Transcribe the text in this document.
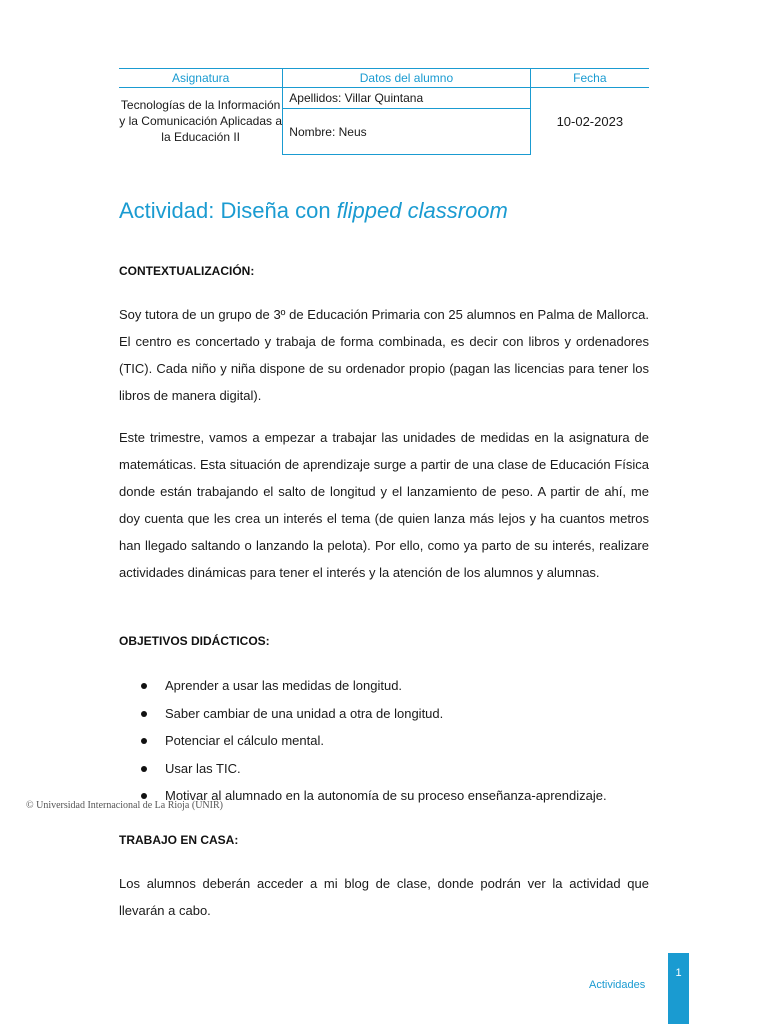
Asignatura	Datos del alumno	Fecha
Tecnologías de la Información y la Comunicación Aplicadas a la Educación II	Apellidos: Villar Quintana	10-02-2023
	Nombre: Neus	
Actividad: Diseña con flipped classroom

CONTEXTUALIZACIÓN:

Soy tutora de un grupo de 3º de Educación Primaria con 25 alumnos en Palma de Mallorca. El centro es concertado y trabaja de forma combinada, es decir con libros y ordenadores (TIC). Cada niño y niña dispone de su ordenador propio (pagan las licencias para tener los libros de manera digital).

Este trimestre, vamos a empezar a trabajar las unidades de medidas en la asignatura de matemáticas. Esta situación de aprendizaje surge a partir de una clase de Educación Física donde están trabajando el salto de longitud y el lanzamiento de peso. A partir de ahí, me doy cuenta que les crea un interés el tema (de quien lanza más lejos y ha cuantos metros han llegado saltando o lanzando la pelota). Por ello, como ya parto de su interés, realizare actividades dinámicas para tener el interés y la atención de los alumnos y alumnas.

OBJETIVOS DIDÁCTICOS:

Aprender a usar las medidas de longitud.
Saber cambiar de una unidad a otra de longitud.
Potenciar el cálculo mental.
Usar las TIC.
Motivar al alumnado en la autonomía de su proceso enseñanza-aprendizaje.
© Universidad Internacional de La Rioja (UNIR)

TRABAJO EN CASA:

Los alumnos deberán acceder a mi blog de clase, donde podrán ver la actividad que llevarán a cabo.

Actividades
1
